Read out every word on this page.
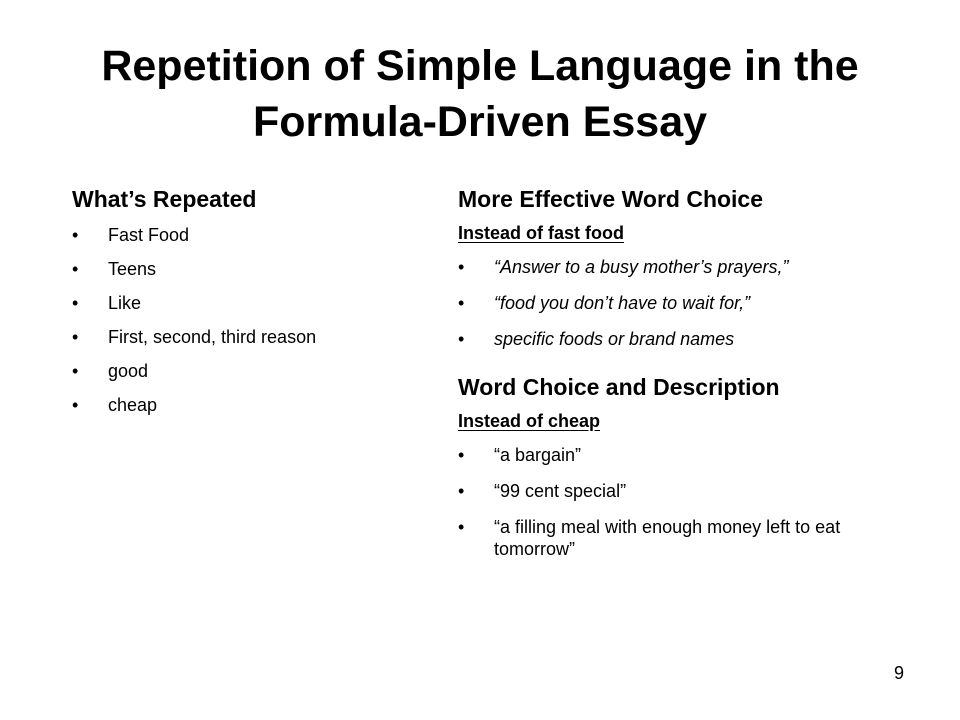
Repetition of Simple Language in the Formula-Driven Essay
What’s Repeated
• Fast Food
• Teens
• Like
• First, second, third reason
• good
• cheap
More Effective Word Choice
Instead of fast food
• “Answer to a busy mother’s prayers,”
• “food you don’t have to wait for,”
• specific foods or brand names
Word Choice and Description
Instead of cheap
• “a bargain”
• “99 cent special”
• “a filling meal with enough money left to eat tomorrow”
9
